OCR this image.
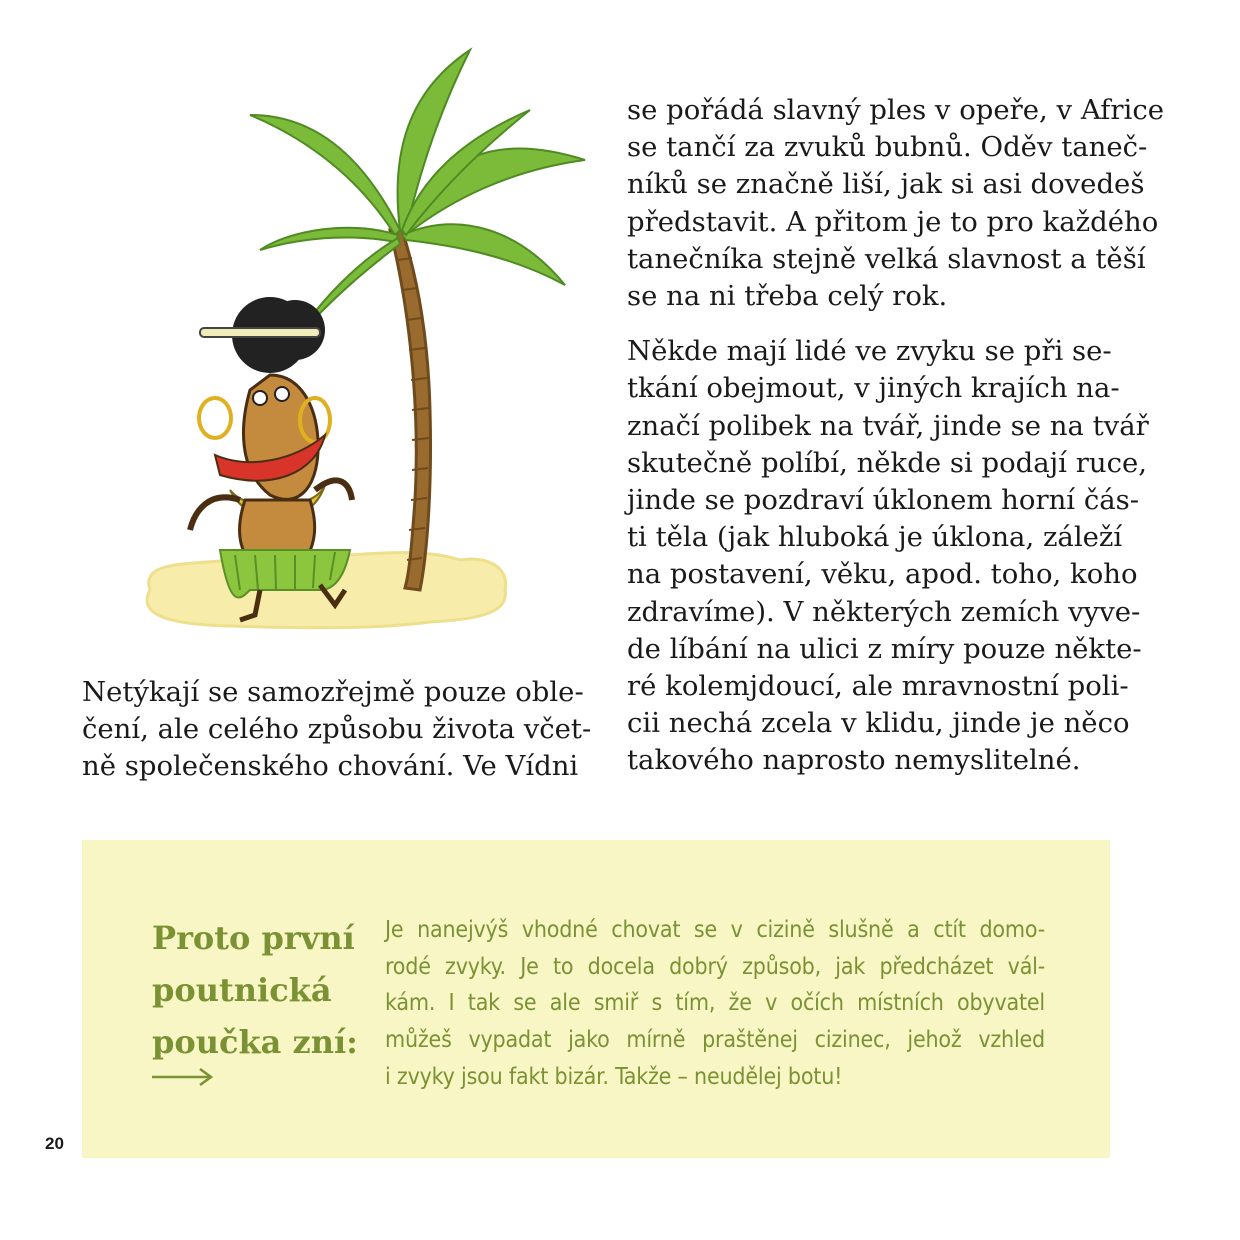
se pořádá slavný ples v opeře, v Africe
se tančí za zvuků bubnů. Oděv taneč-
níků se značně liší, jak si asi dovedeš
představit. A přitom je to pro každého
tanečníka stejně velká slavnost a těší
se na ni třeba celý rok.

Někde mají lidé ve zvyku se při se-
tkání obejmout, v jiných krajích na-
značí polibek na tvář, jinde se na tvář
skutečně políbí, někde si podají ruce,
jinde se pozdraví úklonem horní čás-
ti těla (jak hluboká je úklona, záleží
na postavení, věku, apod. toho, koho
zdravíme). V některých zemích vyve-
de líbání na ulici z míry pouze někte-
ré kolemjdoucí, ale mravnostní poli-
cii nechá zcela v klidu, jinde je něco
takového naprosto nemyslitelné.

Netýkají se samozřejmě pouze oble-
čení, ale celého způsobu života včet-
ně společenského chování. Ve Vídni

Proto první
poutnická
poučka zní:
Je nanejvýš vhodné chovat se v cizině slušně a ctít domo-
rodé zvyky. Je to docela dobrý způsob, jak předcházet vál-
kám. I tak se ale smiř s tím, že v očích místních obyvatel
můžeš vypadat jako mírně praštěnej cizinec, jehož vzhled
i zvyky jsou fakt bizár. Takže – neudělej botu!
20
